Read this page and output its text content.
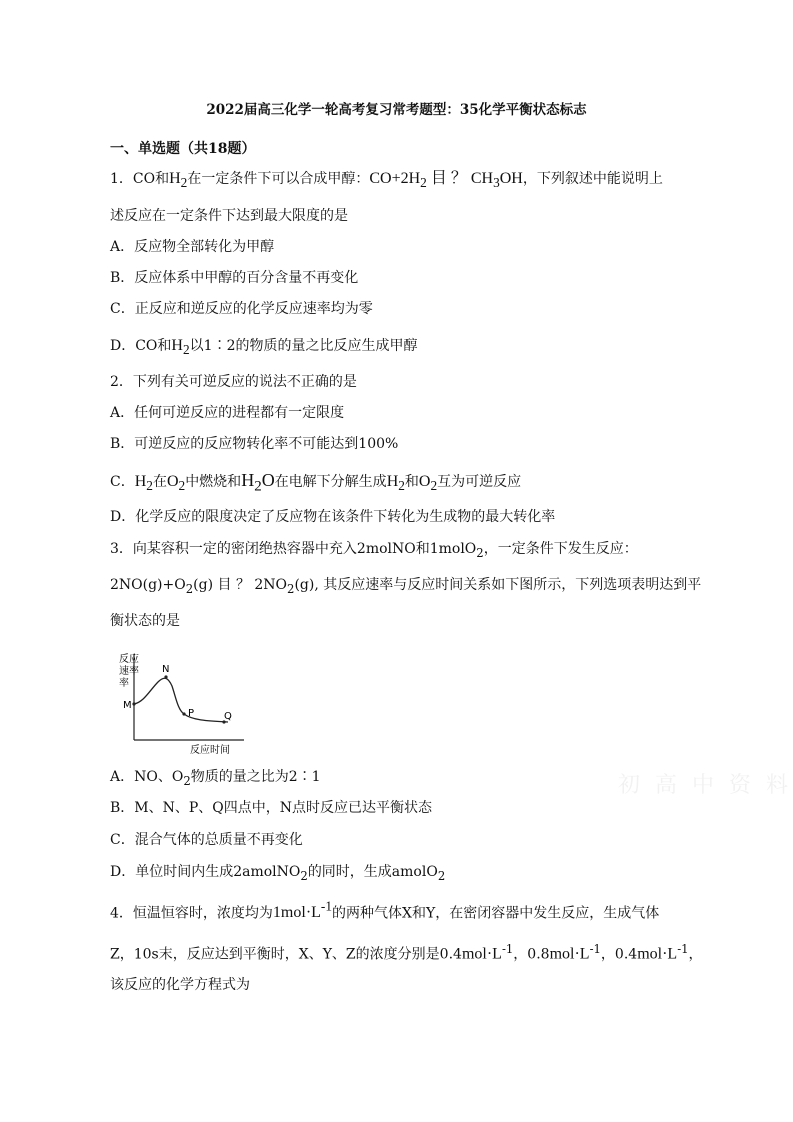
2022届高三化学一轮高考复习常考题型：35化学平衡状态标志
一、单选题（共18题）
1．CO和$H_2$在一定条件下可以合成甲醇：$CO+2H_2$ 目 ？ $CH_3OH$，下列叙述中能说明上
述反应在一定条件下达到最大限度的是
A．反应物全部转化为甲醇
B．反应体系中甲醇的百分含量不再变化
C．正反应和逆反应的化学反应速率均为零
D．CO和$H_2$以1∶2的物质的量之比反应生成甲醇
2．下列有关可逆反应的说法不正确的是
A．任何可逆反应的进程都有一定限度
B．可逆反应的反应物转化率不可能达到100%
C．$H_2$在$O_2$中燃烧和$H_2O$在电解下分解生成$H_2$和$O_2$互为可逆反应
D．化学反应的限度决定了反应物在该条件下转化为生成物的最大转化率
3．向某容积一定的密闭绝热容器中充入2molNO和1molO$_2$，一定条件下发生反应：
$2NO(g)+O_2(g)$ 目 ？ $2NO_2(g)$, 其反应速率与反应时间关系如下图所示，下列选项表明达到平
衡状态的是
反应
速率
率
M
N
P	Q
反应时间
A．NO、$O_2$物质的量之比为2∶1
B．M、N、P、Q四点中，N点时反应已达平衡状态
C．混合气体的总质量不再变化
D．单位时间内生成2amolNO$_2$的同时，生成amolO$_2$
4．恒温恒容时，浓度均为$1mol\cdot L^{-1}$的两种气体X和Y，在密闭容器中发生反应，生成气体
Z，10s末，反应达到平衡时，X、Y、Z的浓度分别是$0.4mol\cdot L^{-1}$，$0.8mol\cdot L^{-1}$，$0.4mol\cdot L^{-1}$，
该反应的化学方程式为
初 高 中 资 料
